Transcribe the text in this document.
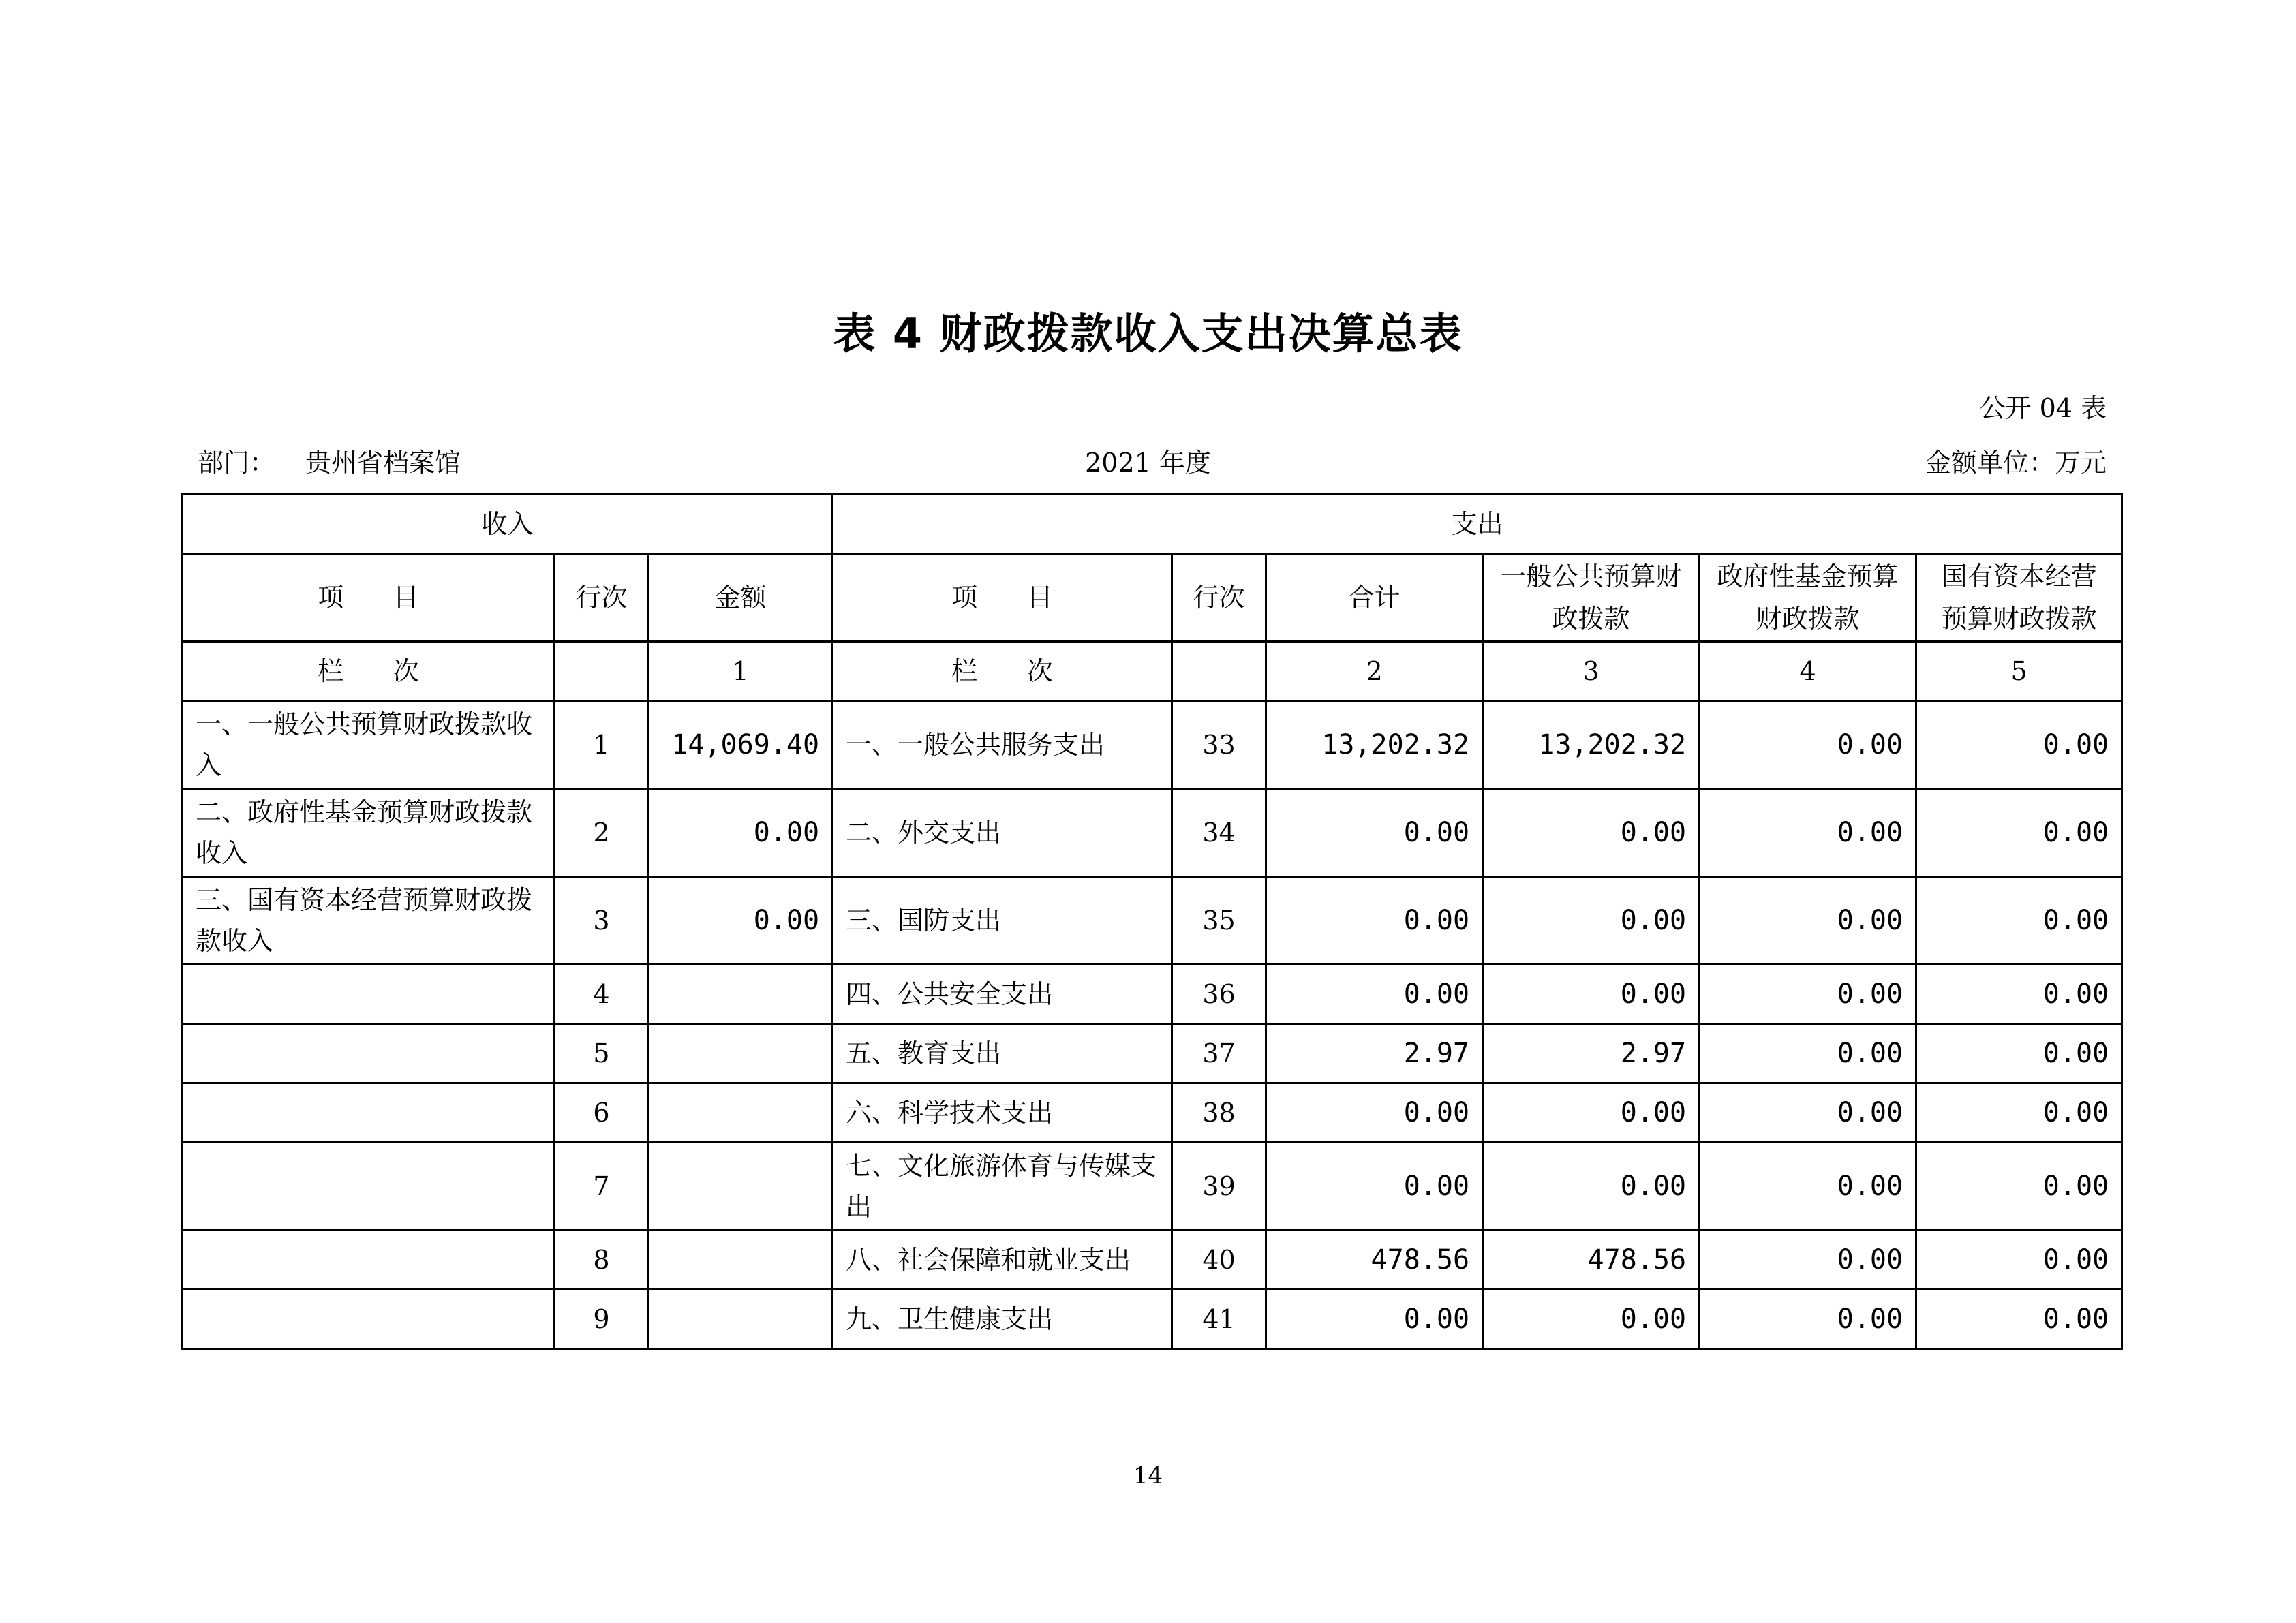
表 4 财政拨款收入支出决算总表
公开 04 表
部门： 贵州省档案馆	2021 年度	金额单位：万元
收入			支出					
项      目	行次	金额	项      目	行次	合计	一般公共预算财政拨款	政府性基金预算财政拨款	国有资本经营预算财政拨款
栏      次		1	栏      次		2	3	4	5
一、一般公共预算财政拨款收入	1	14,069.40	一、一般公共服务支出	33	13,202.32	13,202.32	0.00	0.00
二、政府性基金预算财政拨款收入	2	0.00	二、外交支出	34	0.00	0.00	0.00	0.00
三、国有资本经营预算财政拨款收入	3	0.00	三、国防支出	35	0.00	0.00	0.00	0.00
	4		四、公共安全支出	36	0.00	0.00	0.00	0.00
	5		五、教育支出	37	2.97	2.97	0.00	0.00
	6		六、科学技术支出	38	0.00	0.00	0.00	0.00
	7		七、文化旅游体育与传媒支出	39	0.00	0.00	0.00	0.00
	8		八、社会保障和就业支出	40	478.56	478.56	0.00	0.00
	9		九、卫生健康支出	41	0.00	0.00	0.00	0.00
14
